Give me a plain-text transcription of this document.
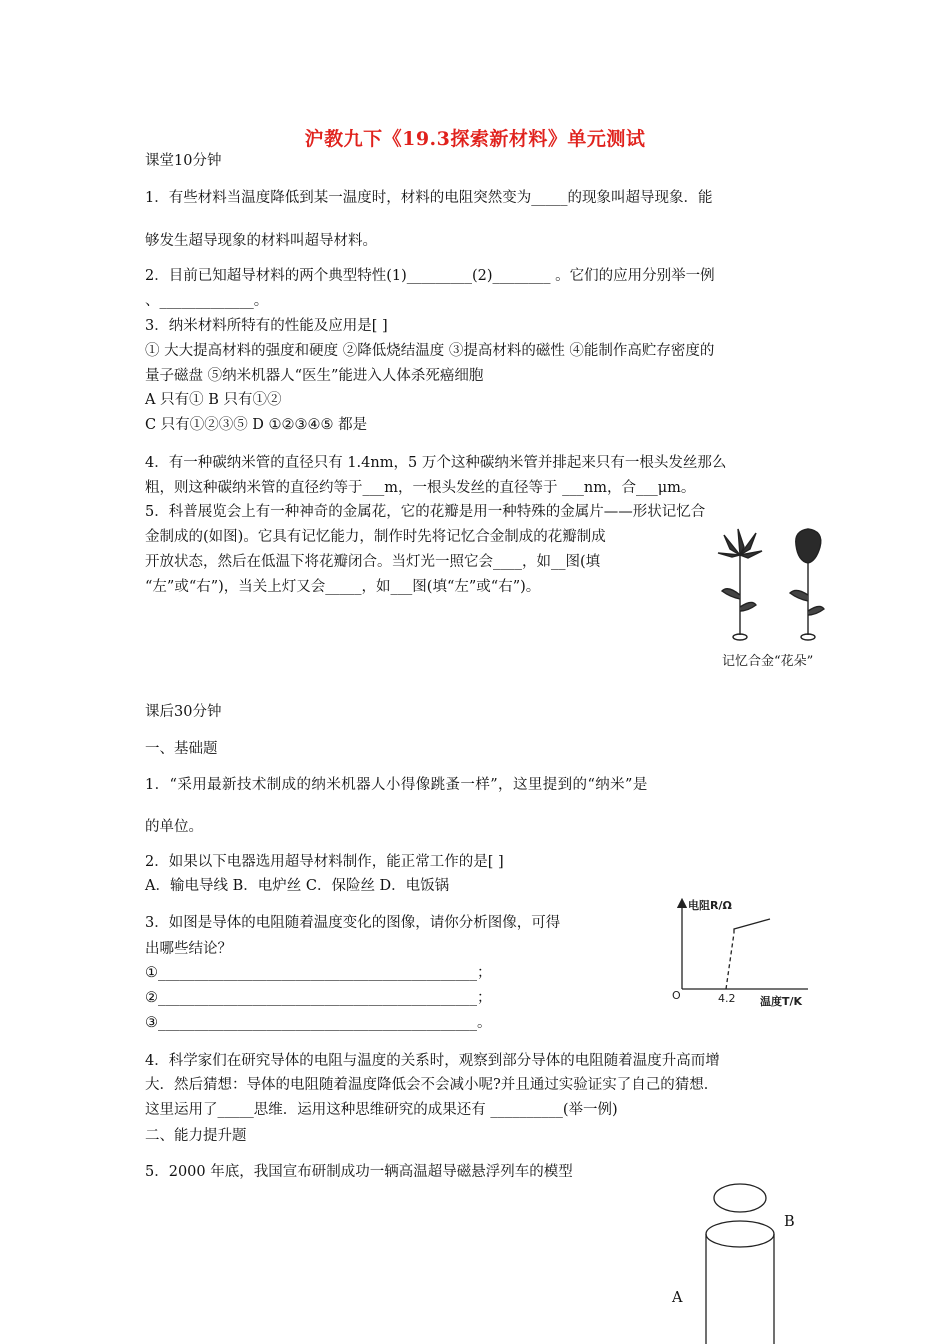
沪教九下《19.3探索新材料》单元测试
课堂10分钟
1．有些材料当温度降低到某一温度时，材料的电阻突然变为_____的现象叫超导现象．能
够发生超导现象的材料叫超导材料。
2．目前已知超导材料的两个典型特性(1)_________(2)________ 。它们的应用分别举一例
、_____________。
3．纳米材料所特有的性能及应用是[ ]
① 大大提高材料的强度和硬度 ②降低烧结温度 ③提高材料的磁性 ④能制作高贮存密度的
量子磁盘 ⑤纳米机器人“医生”能进入人体杀死癌细胞
A 只有① B 只有①②
C 只有①②③⑤ D ①②③④⑤ 都是
4．有一种碳纳米管的直径只有 1.4nm，5 万个这种碳纳米管并排起来只有一根头发丝那么
粗，则这种碳纳米管的直径约等于___m，一根头发丝的直径等于 ___nm，合___μm。
5．科普展览会上有一种神奇的金属花，它的花瓣是用一种特殊的金属片——形状记忆合
金制成的(如图)。它具有记忆能力，制作时先将记忆合金制成的花瓣制成
开放状态，然后在低温下将花瓣闭合。当灯光一照它会____，如__图(填
“左”或“右”)，当关上灯又会_____，如___图(填“左”或“右”)。
记忆合金“花朵”
课后30分钟
一、基础题
1．“采用最新技术制成的纳米机器人小得像跳蚤一样”，这里提到的“纳米”是
的单位。
2．如果以下电器选用超导材料制作，能正常工作的是[ ]
A．输电导线 B．电炉丝 C．保险丝 D．电饭锅
3．如图是导体的电阻随着温度变化的图像，请你分析图像，可得
出哪些结论？
①____________________________________________；
②____________________________________________；
③____________________________________________。
电阻R/Ω
O	4.2 温度T/K
4．科学家们在研究导体的电阻与温度的关系时，观察到部分导体的电阻随着温度升高而增
大．然后猜想：导体的电阻随着温度降低会不会减小呢?并且通过实验证实了自己的猜想．
这里运用了_____思维．运用这种思维研究的成果还有 __________(举一例)
二、能力提升题
5．2000 年底，我国宣布研制成功一辆高温超导磁悬浮列车的模型
B
A
